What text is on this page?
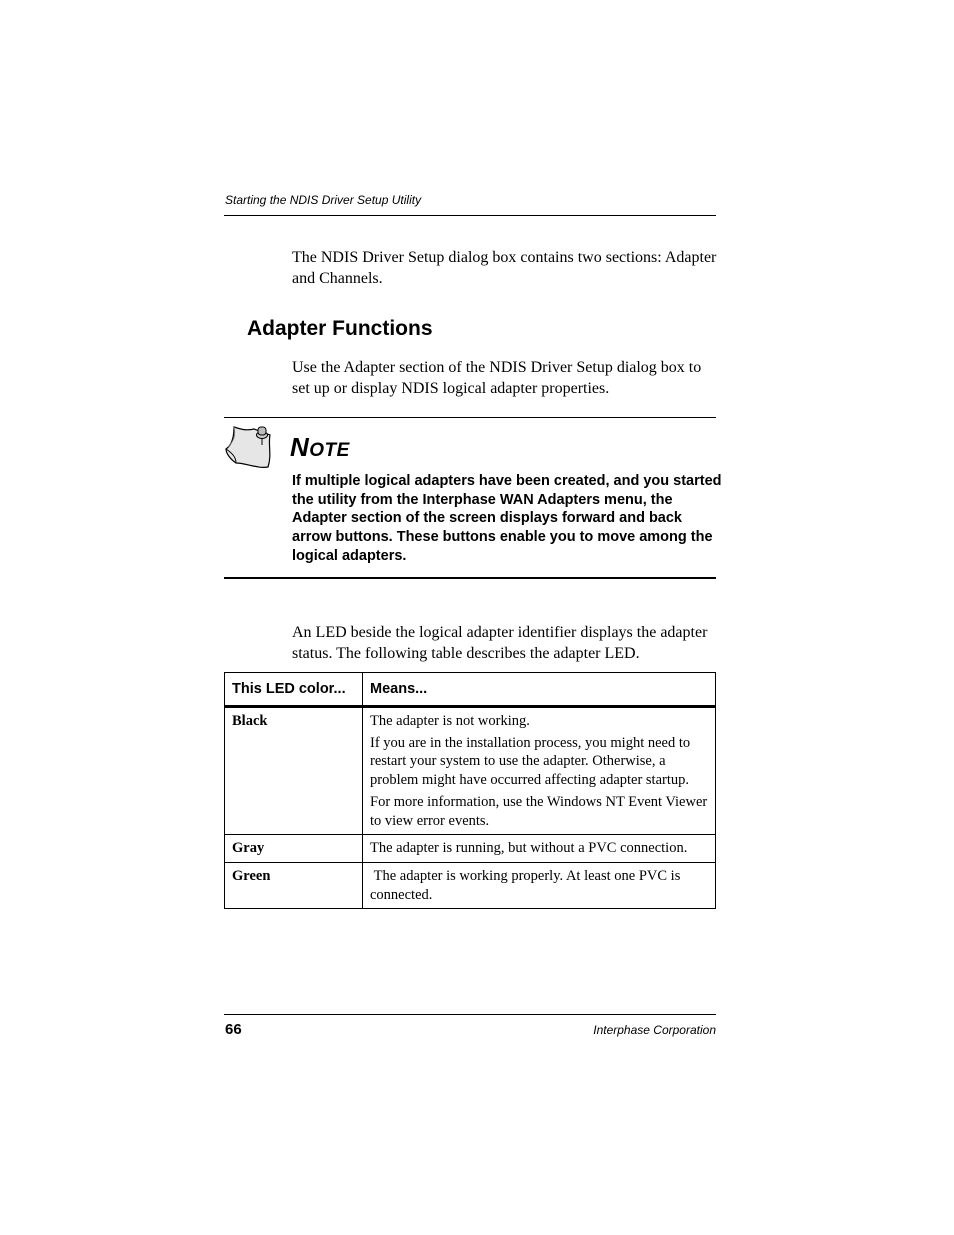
Starting the NDIS Driver Setup Utility

The NDIS Driver Setup dialog box contains two sections: Adapter and Channels.

Adapter Functions

Use the Adapter section of the NDIS Driver Setup dialog box to set up or display NDIS logical adapter properties.

NOTE

If multiple logical adapters have been created, and you started the utility from the Interphase WAN Adapters menu, the Adapter section of the screen displays forward and back arrow buttons. These buttons enable you to move among the logical adapters.

An LED beside the logical adapter identifier displays the adapter status. The following table describes the adapter LED.

This LED color...	Means...
Black	The adapter is not working.

If you are in the installation process, you might need to restart your system to use the adapter. Otherwise, a problem might have occurred affecting adapter startup.

For more information, use the Windows NT Event Viewer to view error events.

Gray	The adapter is running, but without a PVC connection.

Green	The adapter is working properly. At least one PVC is connected.

66	Interphase Corporation
